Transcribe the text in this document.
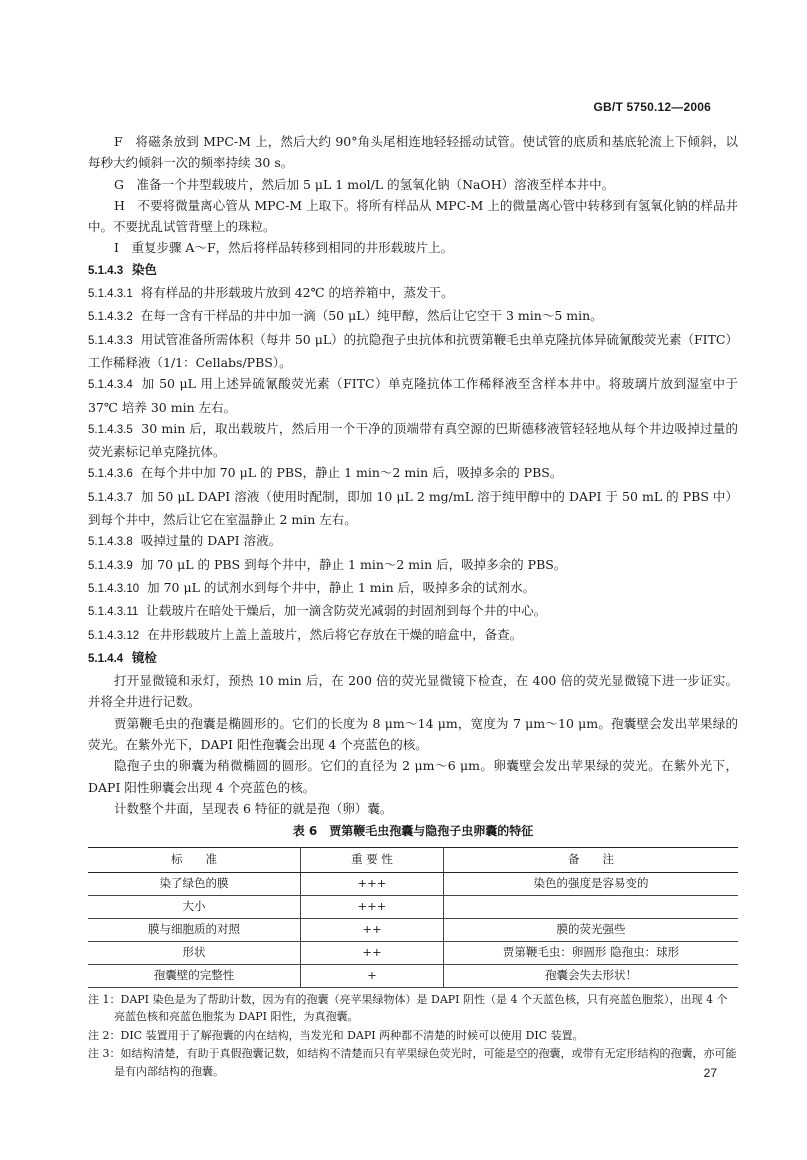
GB/T 5750.12—2006

F　将磁条放到 MPC-M 上，然后大约 90°角头尾相连地轻轻摇动试管。使试管的底质和基底轮流上下倾斜，以每秒大约倾斜一次的频率持续 30 s。

G　准备一个井型载玻片，然后加 5 μL 1 mol/L 的氢氧化钠（NaOH）溶液至样本井中。

H　不要将微量离心管从 MPC-M 上取下。将所有样品从 MPC-M 上的微量离心管中转移到有氢氧化钠的样品井中。不要扰乱试管背壁上的珠粒。

I　重复步骤 A～F，然后将样品转移到相同的井形载玻片上。

5.1.4.3 染色

5.1.4.3.1 将有样品的井形载玻片放到 42℃ 的培养箱中，蒸发干。

5.1.4.3.2 在每一含有干样品的井中加一滴（50 μL）纯甲醇，然后让它空干 3 min～5 min。

5.1.4.3.3 用试管准备所需体积（每井 50 μL）的抗隐孢子虫抗体和抗贾第鞭毛虫单克隆抗体异硫氰酸荧光素（FITC）工作稀释液（1/1：Cellabs/PBS）。

5.1.4.3.4 加 50 μL 用上述异硫氰酸荧光素（FITC）单克隆抗体工作稀释液至含样本井中。将玻璃片放到湿室中于 37℃ 培养 30 min 左右。

5.1.4.3.5 30 min 后，取出载玻片，然后用一个干净的顶端带有真空源的巴斯德移液管轻轻地从每个井边吸掉过量的荧光素标记单克隆抗体。

5.1.4.3.6 在每个井中加 70 μL 的 PBS，静止 1 min～2 min 后，吸掉多余的 PBS。

5.1.4.3.7 加 50 μL DAPI 溶液（使用时配制，即加 10 μL 2 mg/mL 溶于纯甲醇中的 DAPI 于 50 mL 的 PBS 中）到每个井中，然后让它在室温静止 2 min 左右。

5.1.4.3.8 吸掉过量的 DAPI 溶液。

5.1.4.3.9 加 70 μL 的 PBS 到每个井中，静止 1 min～2 min 后，吸掉多余的 PBS。

5.1.4.3.10 加 70 μL 的试剂水到每个井中，静止 1 min 后，吸掉多余的试剂水。

5.1.4.3.11 让载玻片在暗处干燥后，加一滴含防荧光减弱的封固剂到每个井的中心。

5.1.4.3.12 在井形载玻片上盖上盖玻片，然后将它存放在干燥的暗盒中，备查。

5.1.4.4 镜检

打开显微镜和汞灯，预热 10 min 后，在 200 倍的荧光显微镜下检查，在 400 倍的荧光显微镜下进一步证实。并将全井进行记数。

贾第鞭毛虫的孢囊是椭圆形的。它们的长度为 8 μm～14 μm，宽度为 7 μm～10 μm。孢囊壁会发出苹果绿的荧光。在紫外光下，DAPI 阳性孢囊会出现 4 个亮蓝色的核。

隐孢子虫的卵囊为稍微椭圆的圆形。它们的直径为 2 μm～6 μm。卵囊壁会发出苹果绿的荧光。在紫外光下，DAPI 阳性卵囊会出现 4 个亮蓝色的核。

计数整个井面，呈现表 6 特征的就是孢（卵）囊。

表 6　贾第鞭毛虫孢囊与隐孢子虫卵囊的特征
标　　准	重 要 性	备　　注
染了绿色的膜	+++	染色的强度是容易变的
大小	+++	
膜与细胞质的对照	++	膜的荧光强些
形状	++	贾第鞭毛虫：卵圆形 隐孢虫：球形
孢囊壁的完整性	+	孢囊会失去形状！

注 1：DAPI 染色是为了帮助计数，因为有的孢囊（亮苹果绿物体）是 DAPI 阴性（是 4 个天蓝色核，只有亮蓝色胞浆），出现 4 个亮蓝色核和亮蓝色胞浆为 DAPI 阳性，为真孢囊。

注 2：DIC 装置用于了解孢囊的内在结构，当发光和 DAPI 两种都不清楚的时候可以使用 DIC 装置。

注 3：如结构清楚，有助于真假孢囊记数，如结构不清楚而只有苹果绿色荧光时，可能是空的孢囊，或带有无定形结构的孢囊，亦可能是有内部结构的孢囊。	27
